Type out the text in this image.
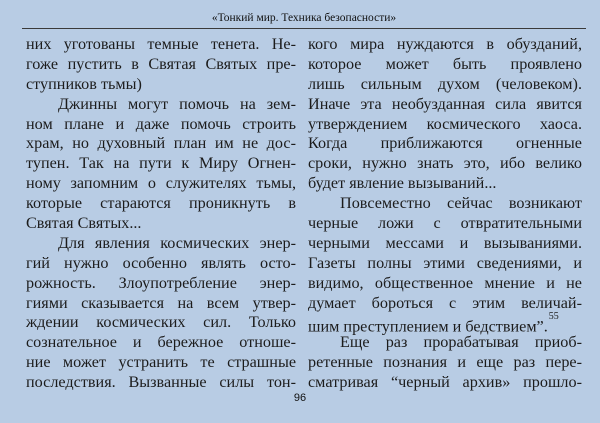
«Тонкий мир. Техника безопасности»
них уготованы темные тенета. Не-
гоже пустить в Святая Святых пре-
ступников тьмы)
Джинны могут помочь на зем-
ном плане и даже помочь строить
храм, но духовный план им не дос-
тупен. Так на пути к Миру Огнен-
ному запомним о служителях тьмы,
которые стараются проникнуть в
Святая Святых...
Для явления космических энер-
гий нужно особенно являть осто-
рожность. Злоупотребление энер-
гиями сказывается на всем утвер-
ждении космических сил. Только
сознательное и бережное отноше-
ние может устранить те страшные
последствия. Вызванные силы тон-
кого мира нуждаются в обузданий,
которое может быть проявлено
лишь сильным духом (человеком).
Иначе эта необузданная сила явится
утверждением космического хаоса.
Когда приближаются огненные
сроки, нужно знать это, ибо велико
будет явление вызываний...
Повсеместно сейчас возникают
черные ложи с отвратительными
черными мессами и вызываниями.
Газеты полны этими сведениями, и
видимо, общественное мнение и не
думает бороться с этим величай-
шим преступлением и бедствием”.$^{55}$
Еще раз прорабатывая приоб-
ретенные познания и еще раз пере-
сматривая “черный архив» прошло-
96
